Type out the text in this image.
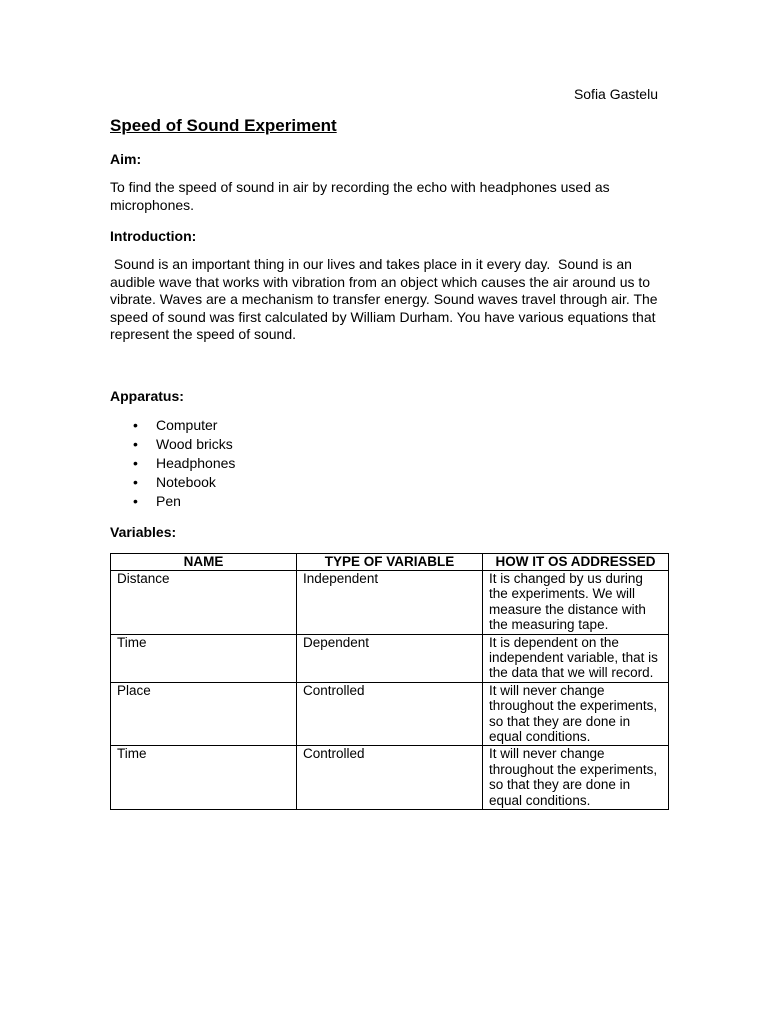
Sofia Gastelu
Speed of Sound Experiment
Aim:

To find the speed of sound in air by recording the echo with headphones used as microphones.

Introduction:

Sound is an important thing in our lives and takes place in it every day.  Sound is an audible wave that works with vibration from an object which causes the air around us to vibrate. Waves are a mechanism to transfer energy. Sound waves travel through air. The speed of sound was first calculated by William Durham. You have various equations that represent the speed of sound.

Apparatus:
• Computer
• Wood bricks
• Headphones
• Notebook
• Pen
Variables:
NAME	TYPE OF VARIABLE	HOW IT OS ADDRESSED
Distance	Independent	It is changed by us during the experiments. We will measure the distance with the measuring tape.
Time	Dependent	It is dependent on the independent variable, that is the data that we will record.
Place	Controlled	It will never change throughout the experiments, so that they are done in equal conditions.
Time	Controlled	It will never change throughout the experiments, so that they are done in equal conditions.
